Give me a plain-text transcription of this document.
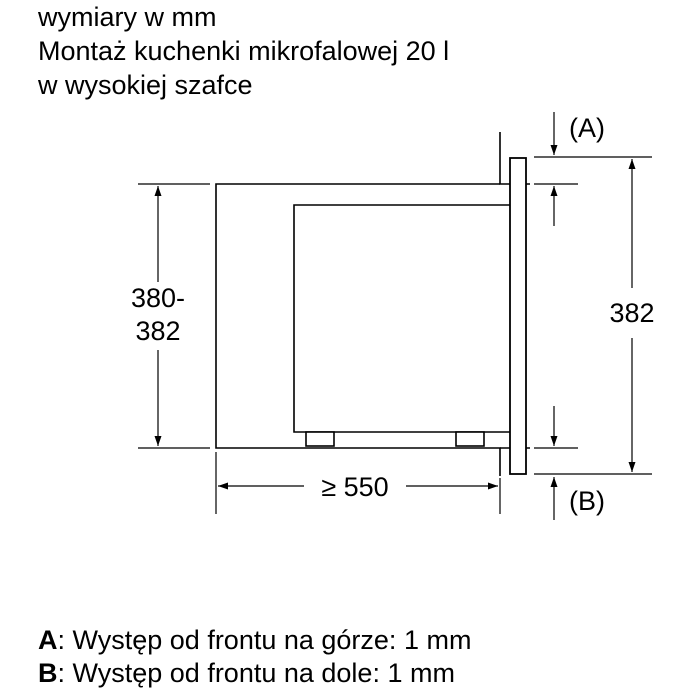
wymiary w mm
Montaż kuchenki mikrofalowej 20 l
w wysokiej szafce
380-
382
382
(A)
(B)
≥ 550
A: Występ od frontu na górze: 1 mm
B: Występ od frontu na dole: 1 mm
